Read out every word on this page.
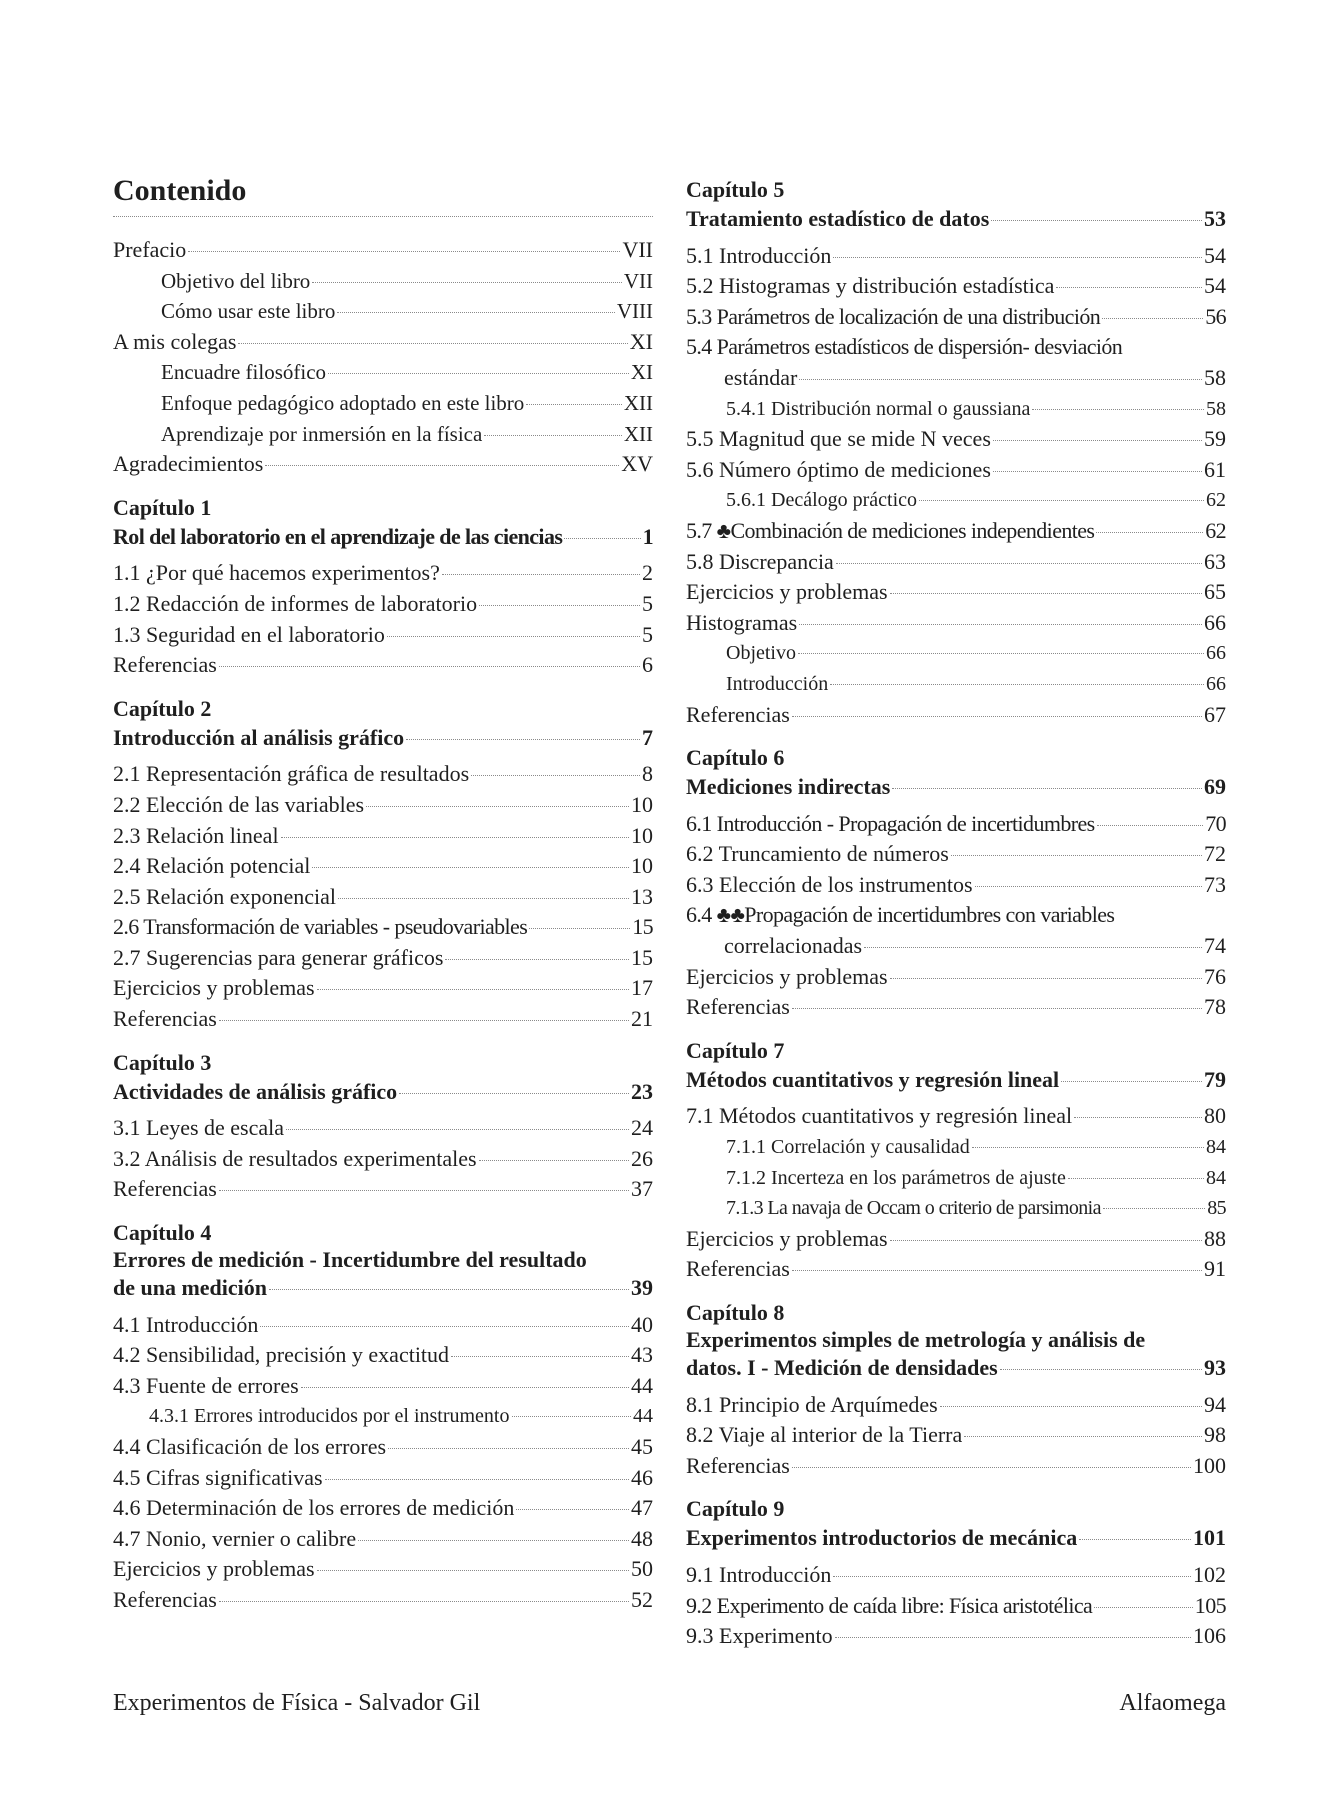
Contenido
Prefacio	VII
Objetivo del libro	VII
Cómo usar este libro	VIII
A mis colegas	XI
Encuadre filosófico	XI
Enfoque pedagógico adoptado en este libro	XII
Aprendizaje por inmersión en la física	XII
Agradecimientos	XV
Capítulo 1
Rol del laboratorio en el aprendizaje de las ciencias	1
1.1 ¿Por qué hacemos experimentos?	2
1.2 Redacción de informes de laboratorio	5
1.3 Seguridad en el laboratorio	5
Referencias	6
Capítulo 2
Introducción al análisis gráfico	7
2.1 Representación gráfica de resultados	8
2.2 Elección de las variables	10
2.3 Relación lineal	10
2.4 Relación potencial	10
2.5 Relación exponencial	13
2.6 Transformación de variables - pseudovariables	15
2.7 Sugerencias para generar gráficos	15
Ejercicios y problemas	17
Referencias	21
Capítulo 3
Actividades de análisis gráfico	23
3.1 Leyes de escala	24
3.2 Análisis de resultados experimentales	26
Referencias	37
Capítulo 4
Errores de medición - Incertidumbre del resultado
de una medición	39
4.1 Introducción	40
4.2 Sensibilidad, precisión y exactitud	43
4.3 Fuente de errores	44
4.3.1 Errores introducidos por el instrumento	44
4.4 Clasificación de los errores	45
4.5 Cifras significativas	46
4.6 Determinación de los errores de medición	47
4.7 Nonio, vernier o calibre	48
Ejercicios y problemas	50
Referencias	52
Capítulo 5
Tratamiento estadístico de datos	53
5.1 Introducción	54
5.2 Histogramas y distribución estadística	54
5.3 Parámetros de localización de una distribución	56
5.4 Parámetros estadísticos de dispersión- desviación
estándar	58
5.4.1 Distribución normal o gaussiana	58
5.5 Magnitud que se mide N veces	59
5.6 Número óptimo de mediciones	61
5.6.1 Decálogo práctico	62
5.7 ♣Combinación de mediciones independientes	62
5.8 Discrepancia	63
Ejercicios y problemas	65
Histogramas	66
Objetivo	66
Introducción	66
Referencias	67
Capítulo 6
Mediciones indirectas	69
6.1 Introducción - Propagación de incertidumbres	70
6.2 Truncamiento de números	72
6.3 Elección de los instrumentos	73
6.4 ♣♣Propagación de incertidumbres con variables
correlacionadas	74
Ejercicios y problemas	76
Referencias	78
Capítulo 7
Métodos cuantitativos y regresión lineal	79
7.1 Métodos cuantitativos y regresión lineal	80
7.1.1 Correlación y causalidad	84
7.1.2 Incerteza en los parámetros de ajuste	84
7.1.3 La navaja de Occam o criterio de parsimonia	85
Ejercicios y problemas	88
Referencias	91
Capítulo 8
Experimentos simples de metrología y análisis de
datos. I - Medición de densidades	93
8.1 Principio de Arquímedes	94
8.2 Viaje al interior de la Tierra	98
Referencias	100
Capítulo 9
Experimentos introductorios de mecánica	101
9.1 Introducción	102
9.2 Experimento de caída libre: Física aristotélica	105
9.3 Experimento	106
Experimentos de Física - Salvador Gil	Alfaomega
